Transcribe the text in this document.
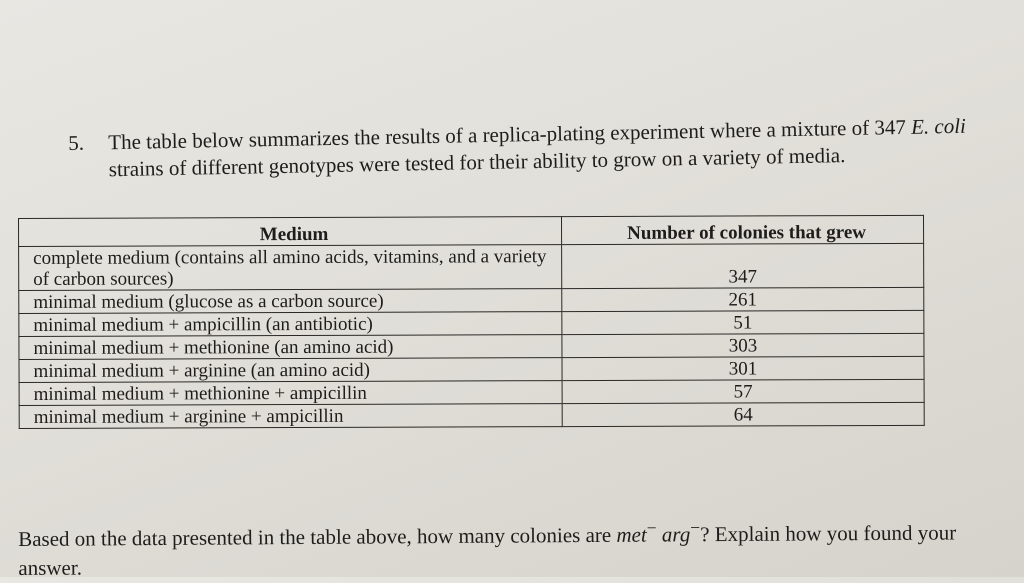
5. The table below summarizes the results of a replica-plating experiment where a mixture of 347 E. coli strains of different genotypes were tested for their ability to grow on a variety of media.
Medium	Number of colonies that grew
complete medium (contains all amino acids, vitamins, and a variety of carbon sources)	347
minimal medium (glucose as a carbon source)	261
minimal medium + ampicillin (an antibiotic)	51
minimal medium + methionine (an amino acid)	303
minimal medium + arginine (an amino acid)	301
minimal medium + methionine + ampicillin	57
minimal medium + arginine + ampicillin	64
Based on the data presented in the table above, how many colonies are met− arg−? Explain how you found your answer.
